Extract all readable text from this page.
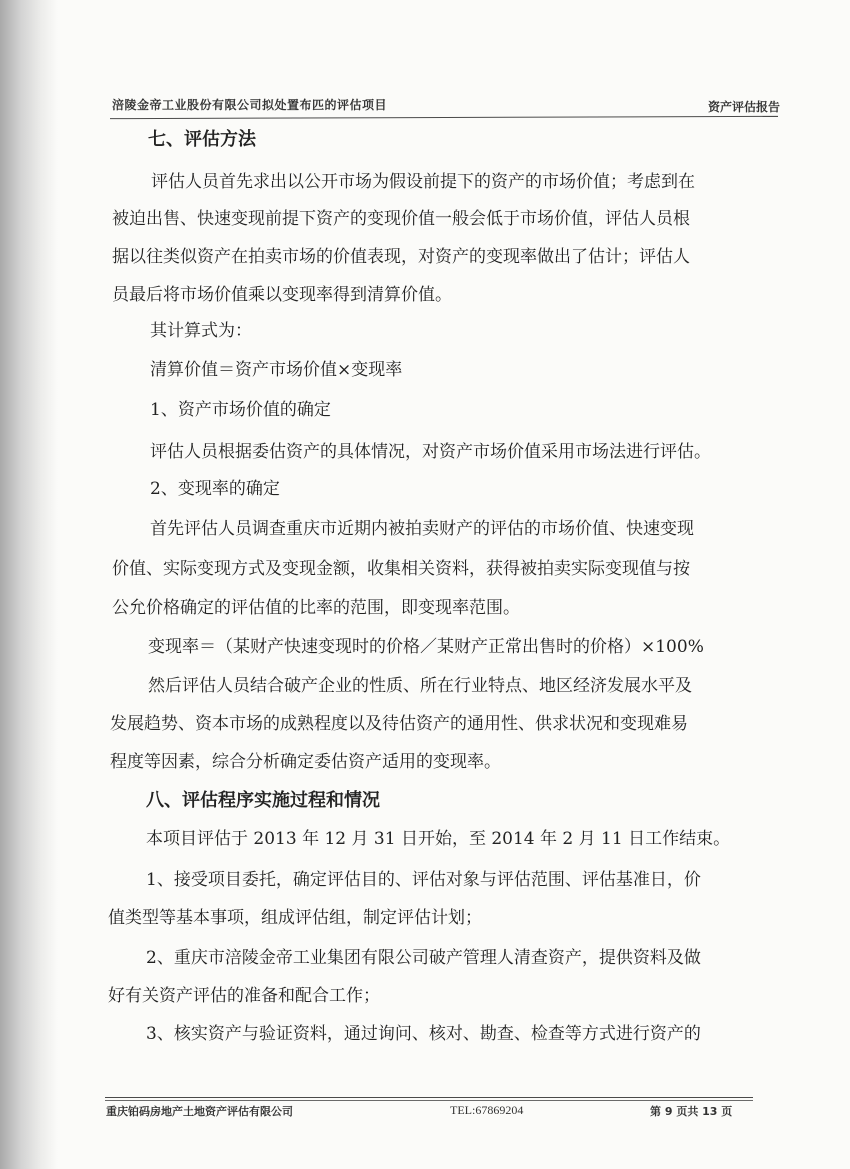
涪陵金帝工业股份有限公司拟处置布匹的评估项目	资产评估报告
七、评估方法
评估人员首先求出以公开市场为假设前提下的资产的市场价值；考虑到在
被迫出售、快速变现前提下资产的变现价值一般会低于市场价值，评估人员根
据以往类似资产在拍卖市场的价值表现，对资产的变现率做出了估计；评估人
员最后将市场价值乘以变现率得到清算价值。
其计算式为：
清算价值＝资产市场价值×变现率
1、资产市场价值的确定
评估人员根据委估资产的具体情况，对资产市场价值采用市场法进行评估。
2、变现率的确定
首先评估人员调查重庆市近期内被拍卖财产的评估的市场价值、快速变现
价值、实际变现方式及变现金额，收集相关资料，获得被拍卖实际变现值与按
公允价格确定的评估值的比率的范围，即变现率范围。
变现率＝（某财产快速变现时的价格／某财产正常出售时的价格）×100%
然后评估人员结合破产企业的性质、所在行业特点、地区经济发展水平及
发展趋势、资本市场的成熟程度以及待估资产的通用性、供求状况和变现难易
程度等因素，综合分析确定委估资产适用的变现率。
八、评估程序实施过程和情况
本项目评估于 2013 年 12 月 31 日开始，至 2014 年 2 月 11 日工作结束。
1、接受项目委托，确定评估目的、评估对象与评估范围、评估基准日，价
值类型等基本事项，组成评估组，制定评估计划；
2、重庆市涪陵金帝工业集团有限公司破产管理人清查资产，提供资料及做
好有关资产评估的准备和配合工作；
3、核实资产与验证资料，通过询问、核对、勘查、检查等方式进行资产的
重庆铂码房地产土地资产评估有限公司	TEL:67869204	第 9 页共 13 页
